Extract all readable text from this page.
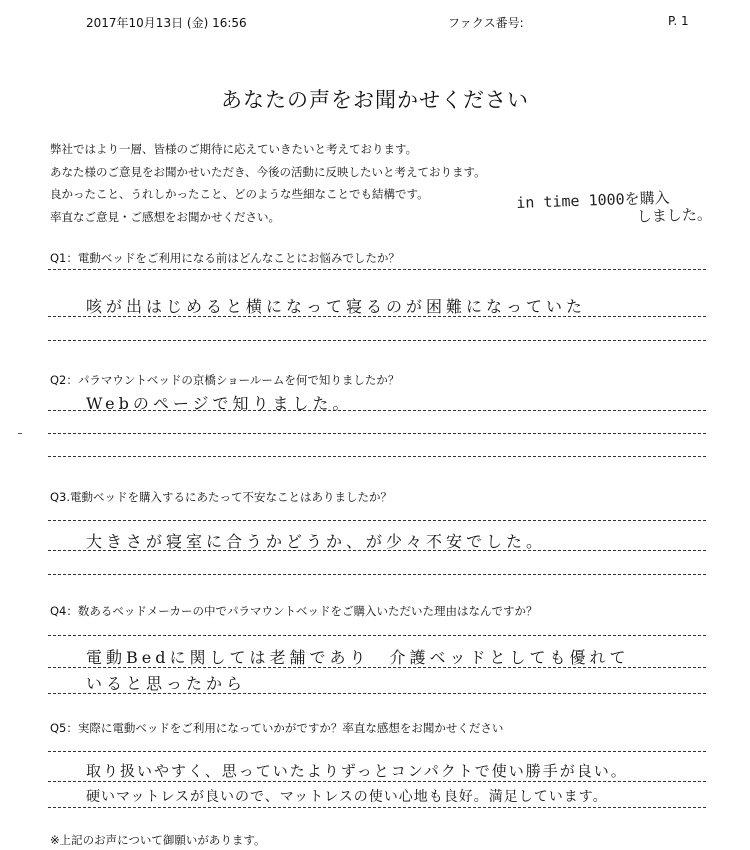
2017年10月13日 (金) 16:56	ファクス番号:	P. 1
あなたの声をお聞かせください
弊社ではより一層、皆様のご期待に応えていきたいと考えております。
あなた様のご意見をお聞かせいただき、今後の活動に反映したいと考えております。
良かったこと、うれしかったこと、どのような些細なことでも結構です。
率直なご意見・ご感想をお聞かせください。
in time 1000を購入
しました。
Q1：電動ベッドをご利用になる前はどんなことにお悩みでしたか？
咳が出はじめると横になって寝るのが困難になっていた
Q2：パラマウントベッドの京橋ショールームを何で知りましたか？
Webのページで知りました。
Q3.電動ベッドを購入するにあたって不安なことはありましたか？
大きさが寝室に合うかどうか、が少々不安でした。
Q4：数あるベッドメーカーの中でパラマウントベッドをご購入いただいた理由はなんですか？
電動Bedに関しては老舗であり　介護ベッドとしても優れて
いると思ったから
Q5：実際に電動ベッドをご利用になっていかがですか？率直な感想をお聞かせください
取り扱いやすく、思っていたよりずっとコンパクトで使い勝手が良い。
硬いマットレスが良いので、マットレスの使い心地も良好。満足しています。
※上記のお声について御願いがあります。
